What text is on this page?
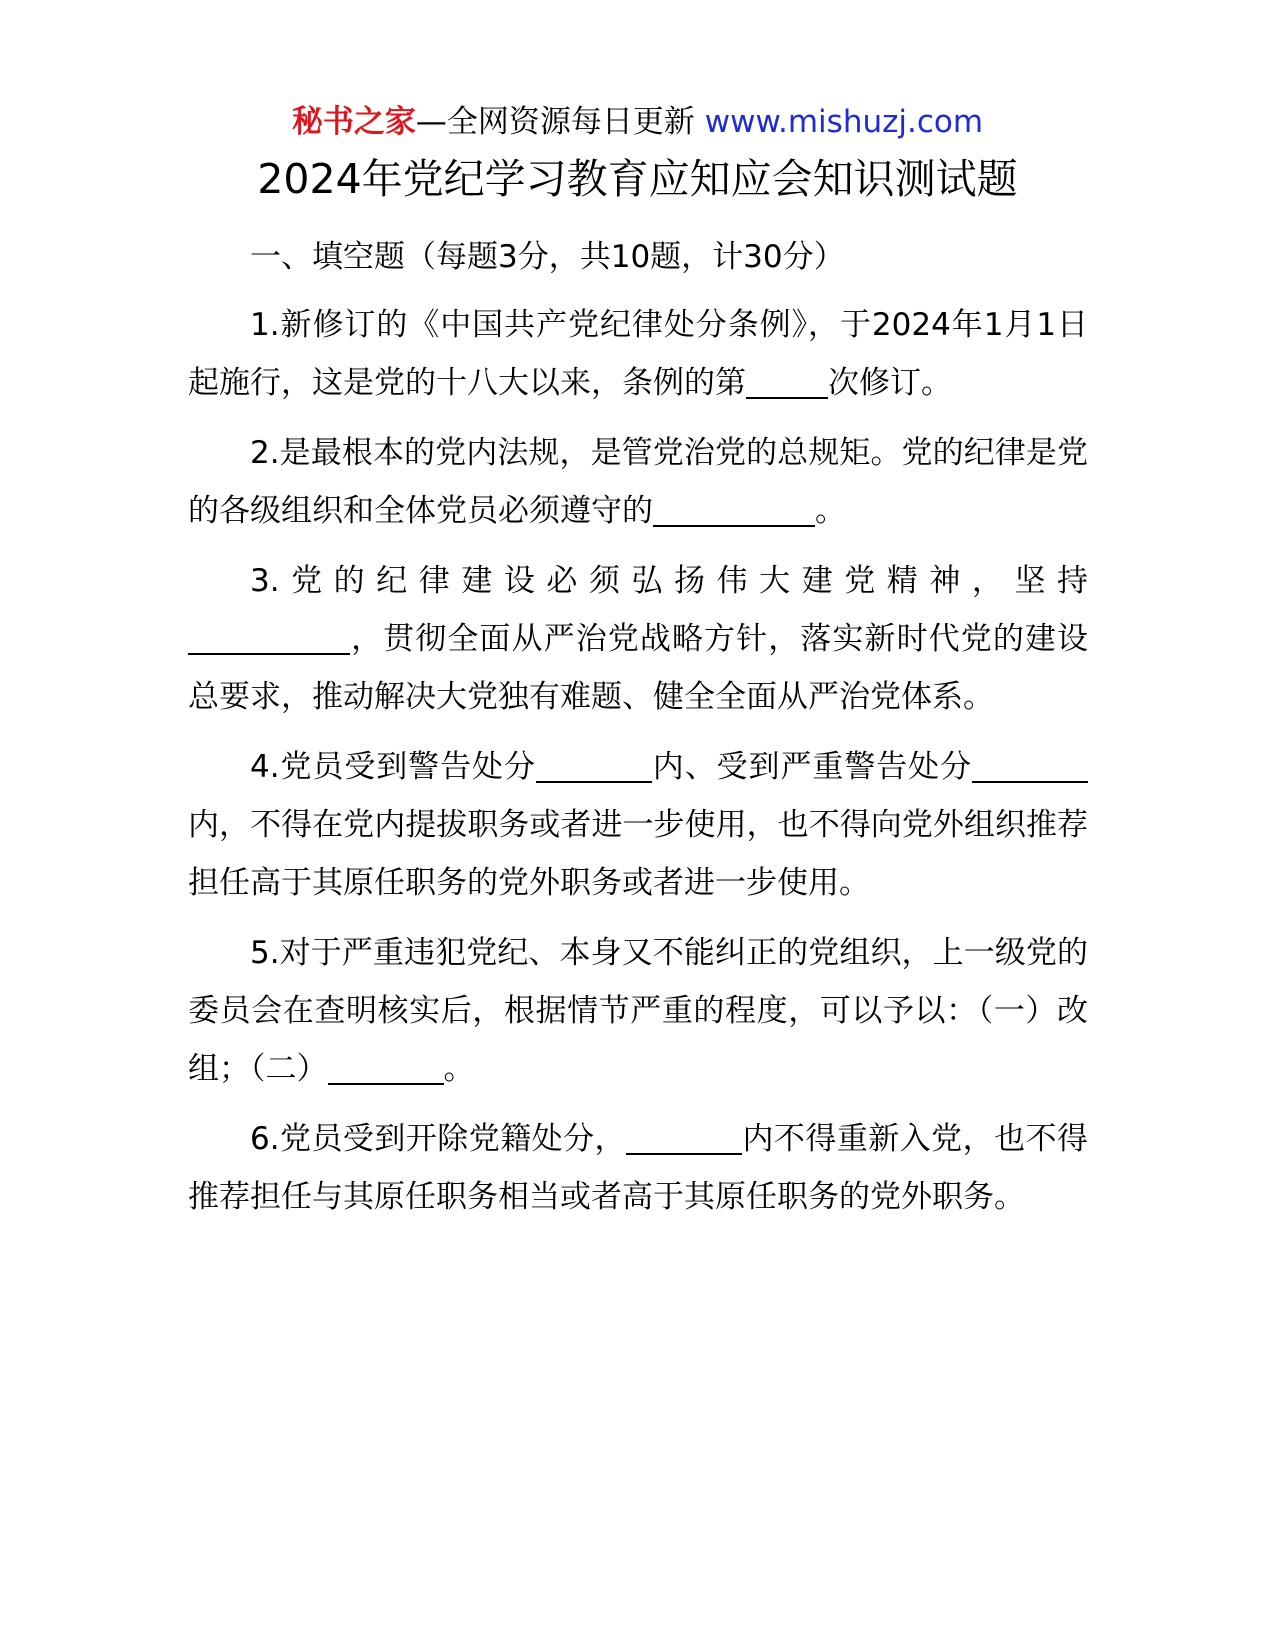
秘书之家—全网资源每日更新 www.mishuzj.com
2024年党纪学习教育应知应会知识测试题

一、填空题（每题3分，共10题，计30分）

1.新修订的《中国共产党纪律处分条例》，于2024年1月1日起施行，这是党的十八大以来，条例的第	次修订。

2.是最根本的党内法规，是管党治党的总规矩。党的纪律是党的各级组织和全体党员必须遵守的	。

3.党的纪律建设必须弘扬伟大建党精神，坚持

，贯彻全面从严治党战略方针，落实新时代党的建设总要求，推动解决大党独有难题、健全全面从严治党体系。

4.党员受到警告处分	内、受到严重警告处分内，不得在党内提拔职务或者进一步使用，也不得向党外组织推荐担任高于其原任职务的党外职务或者进一步使用。

5.对于严重违犯党纪、本身又不能纠正的党组织，上一级党的委员会在查明核实后，根据情节严重的程度，可以予以：（一）改组；（二）	。

6.党员受到开除党籍处分，	内不得重新入党，也不得推荐担任与其原任职务相当或者高于其原任职务的党外职务。
